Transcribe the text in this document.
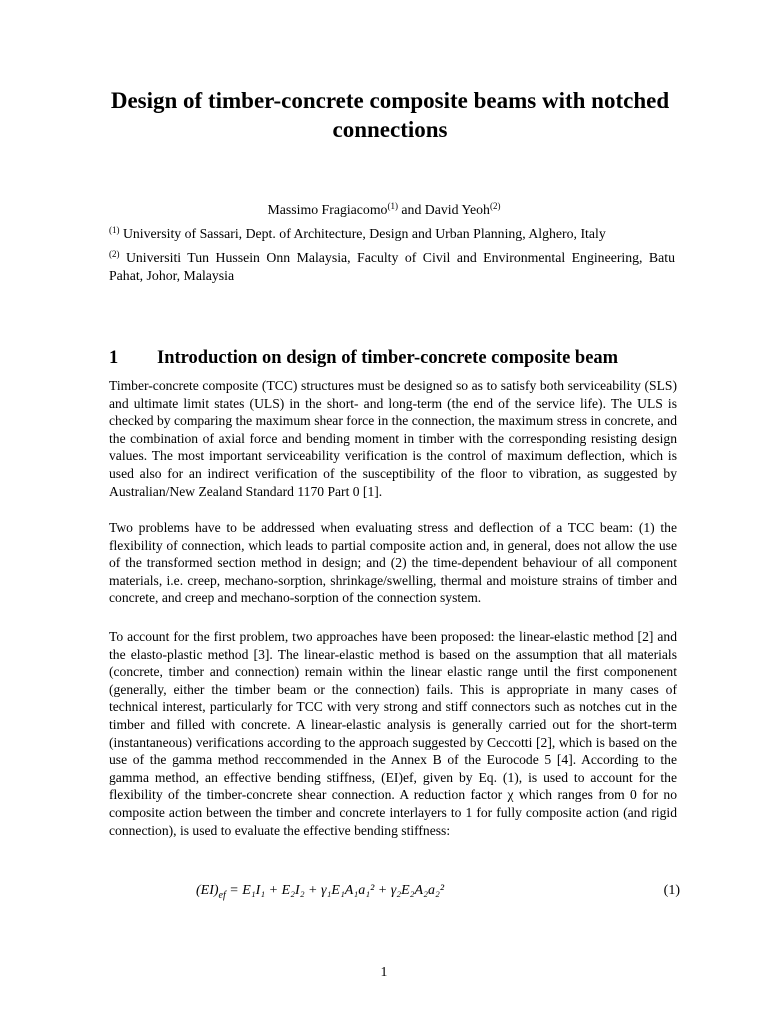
Design of timber-concrete composite beams with notched connections
Massimo Fragiacomo$^{(1)}$ and David Yeoh$^{(2)}$
$^{(1)}$ University of Sassari, Dept. of Architecture, Design and Urban Planning, Alghero, Italy
$^{(2)}$ Universiti Tun Hussein Onn Malaysia, Faculty of Civil and Environmental Engineering, Batu Pahat, Johor, Malaysia
1 Introduction on design of timber-concrete composite beam

Timber-concrete composite (TCC) structures must be designed so as to satisfy both serviceability (SLS) and ultimate limit states (ULS) in the short- and long-term (the end of the service life). The ULS is checked by comparing the maximum shear force in the connection, the maximum stress in concrete, and the combination of axial force and bending moment in timber with the corresponding resisting design values. The most important serviceability verification is the control of maximum deflection, which is used also for an indirect verification of the susceptibility of the floor to vibration, as suggested by Australian/New Zealand Standard 1170 Part 0 [1].

Two problems have to be addressed when evaluating stress and deflection of a TCC beam: (1) the flexibility of connection, which leads to partial composite action and, in general, does not allow the use of the transformed section method in design; and (2) the time-dependent behaviour of all component materials, i.e. creep, mechano-sorption, shrinkage/swelling, thermal and moisture strains of timber and concrete, and creep and mechano-sorption of the connection system.

To account for the first problem, two approaches have been proposed: the linear-elastic method [2] and the elasto-plastic method [3]. The linear-elastic method is based on the assumption that all materials (concrete, timber and connection) remain within the linear elastic range until the first componenent (generally, either the timber beam or the connection) fails. This is appropriate in many cases of technical interest, particularly for TCC with very strong and stiff connectors such as notches cut in the timber and filled with concrete. A linear-elastic analysis is generally carried out for the short-term (instantaneous) verifications according to the approach suggested by Ceccotti [2], which is based on the use of the gamma method reccommended in the Annex B of the Eurocode 5 [4]. According to the gamma method, an effective bending stiffness, (EI)ef, given by Eq. (1), is used to account for the flexibility of the timber-concrete shear connection. A reduction factor χ which ranges from 0 for no composite action between the timber and concrete interlayers to 1 for fully composite action (and rigid connection), is used to evaluate the effective bending stiffness:

$(EI)_{ef} = E_1I_1 + E_2I_2 + \gamma_1E_1A_1a_1^2 + \gamma_2E_2A_2a_2^2$	(1)
1
